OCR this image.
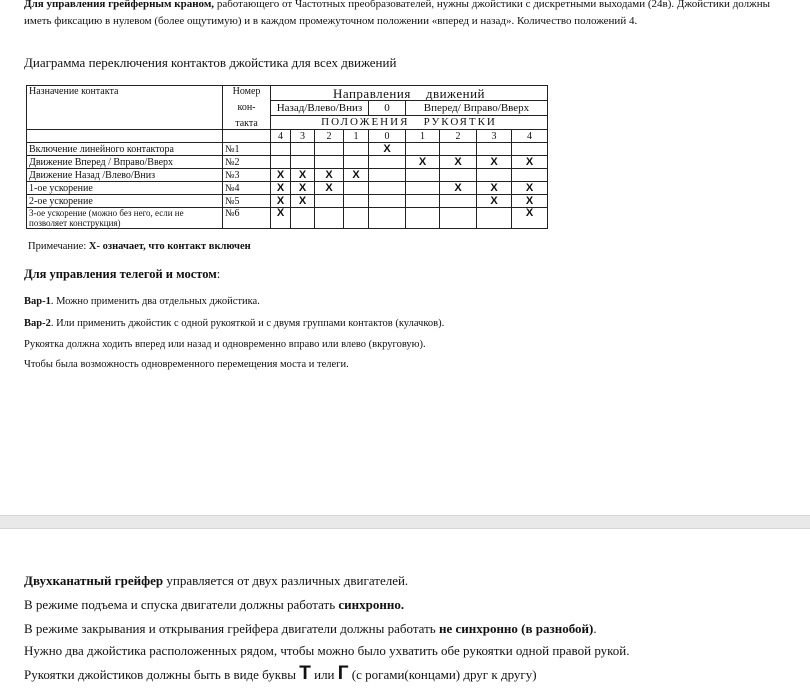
Для управления грейферным краном, работающего от Частотных преобразователей, нужны джойстики с дискретными выходами (24в). Джойстики должны иметь фиксацию в нулевом (более ощутимую) и в каждом промежуточном положении «вперед и назад». Количество положений 4.
Диаграмма переключения контактов джойстика для всех движений
Назначение контакта	Номер
кон-
такта	Направления движений								
		Назад/Влево/Вниз				0	Вперед/ Вправо/Вверх			
		ПОЛОЖЕНИЯ РУКОЯТКИ								
		4	3	2	1	0	1	2	3	4
Включение линейного контактора	№1					X				
Движение Вперед / Вправо/Вверх	№2						X	X	X	X
Движение Назад /Влево/Вниз	№3	X	X	X	X					
1-ое ускорение	№4	X	X	X				X	X	X
2-ое ускорение	№5	X	X						X	X
3-ое ускорение (можно без него, если не позволяет конструкция)	№6	X								X
Примечание: X- означает, что контакт включен
Для управления телегой и мостом:
Вар-1. Можно применить два отдельных джойстика.
Вар-2. Или применить джойстик с одной рукояткой и с двумя группами контактов (кулачков).
Рукоятка должна ходить вперед или назад и одновременно вправо или влево (вкруговую).
Чтобы была возможность одновременного перемещения моста и телеги.
Двухканатный грейфер управляется от двух различных двигателей.
В режиме подъема и спуска двигатели должны работать синхронно.
В режиме закрывания и открывания грейфера двигатели должны работать не синхронно (в разнобой).
Нужно два джойстика расположенных рядом, чтобы можно было ухватить обе рукоятки одной правой рукой.
Рукоятки джойстиков должны быть в виде буквы Т или Г (с рогами(концами) друг к другу)
